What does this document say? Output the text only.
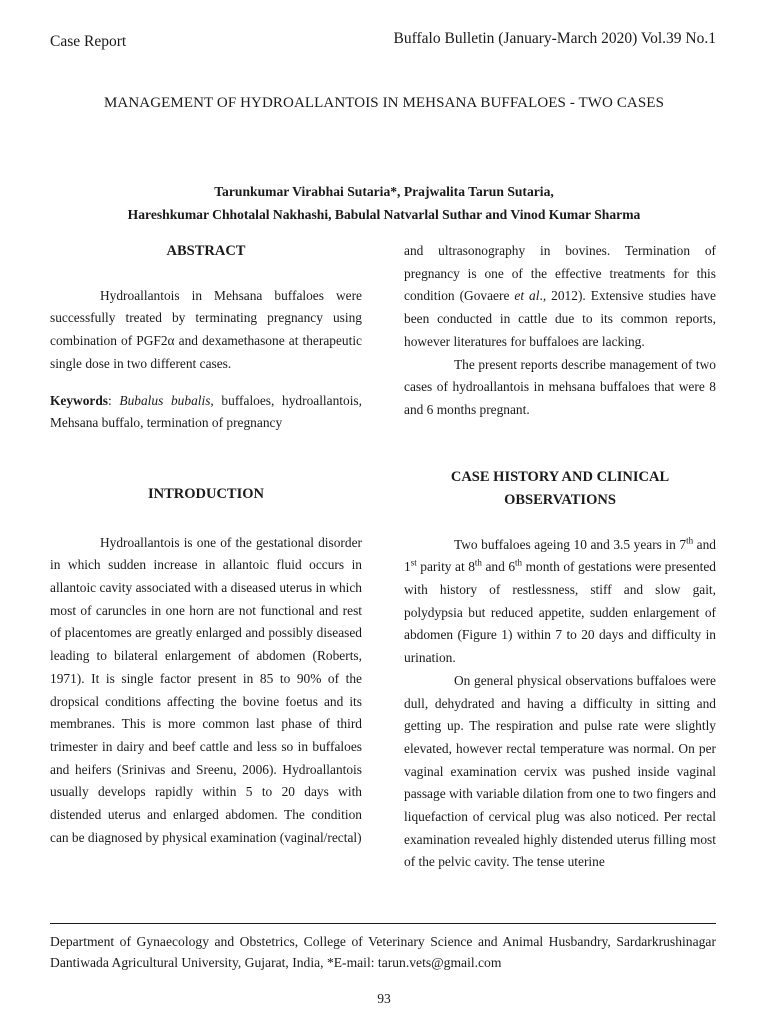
Case Report	Buffalo Bulletin (January-March 2020) Vol.39 No.1
MANAGEMENT OF HYDROALLANTOIS IN MEHSANA BUFFALOES - TWO CASES
Tarunkumar Virabhai Sutaria*, Prajwalita Tarun Sutaria,
Hareshkumar Chhotalal Nakhashi, Babulal Natvarlal Suthar and Vinod Kumar Sharma
ABSTRACT

Hydroallantois in Mehsana buffaloes were successfully treated by terminating pregnancy using combination of PGF2α and dexamethasone at therapeutic single dose in two different cases.

Keywords: Bubalus bubalis, buffaloes, hydroallantois, Mehsana buffalo, termination of pregnancy

INTRODUCTION

Hydroallantois is one of the gestational disorder in which sudden increase in allantoic fluid occurs in allantoic cavity associated with a diseased uterus in which most of caruncles in one horn are not functional and rest of placentomes are greatly enlarged and possibly diseased leading to bilateral enlargement of abdomen (Roberts, 1971). It is single factor present in 85 to 90% of the dropsical conditions affecting the bovine foetus and its membranes. This is more common last phase of third trimester in dairy and beef cattle and less so in buffaloes and heifers (Srinivas and Sreenu, 2006). Hydroallantois usually develops rapidly within 5 to 20 days with distended uterus and enlarged abdomen. The condition can be diagnosed by physical examination (vaginal/rectal)

and ultrasonography in bovines. Termination of pregnancy is one of the effective treatments for this condition (Govaere et al., 2012). Extensive studies have been conducted in cattle due to its common reports, however literatures for buffaloes are lacking.

The present reports describe management of two cases of hydroallantois in mehsana buffaloes that were 8 and 6 months pregnant.

CASE HISTORY AND CLINICAL
OBSERVATIONS

Two buffaloes ageing 10 and 3.5 years in 7th and 1st parity at 8th and 6th month of gestations were presented with history of restlessness, stiff and slow gait, polydypsia but reduced appetite, sudden enlargement of abdomen (Figure 1) within 7 to 20 days and difficulty in urination.

On general physical observations buffaloes were dull, dehydrated and having a difficulty in sitting and getting up. The respiration and pulse rate were slightly elevated, however rectal temperature was normal. On per vaginal examination cervix was pushed inside vaginal passage with variable dilation from one to two fingers and liquefaction of cervical plug was also noticed. Per rectal examination revealed highly distended uterus filling most of the pelvic cavity. The tense uterine

Department of Gynaecology and Obstetrics, College of Veterinary Science and Animal Husbandry, Sardarkrushinagar Dantiwada Agricultural University, Gujarat, India, *E-mail: tarun.vets@gmail.com
93
